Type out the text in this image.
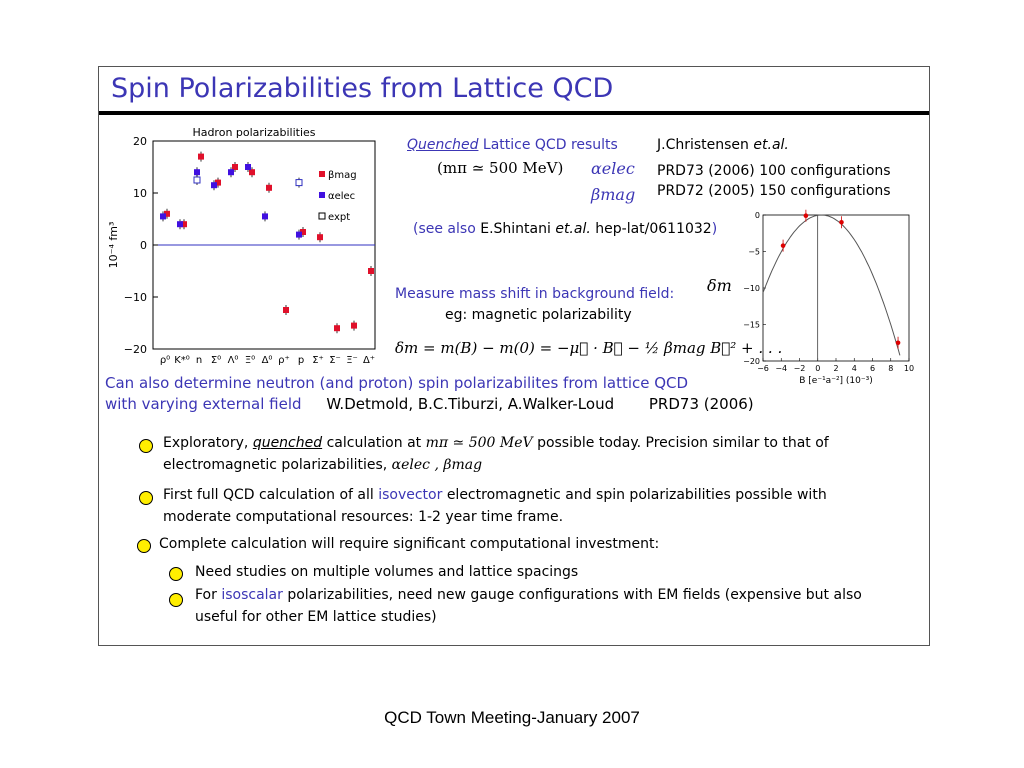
Spin Polarizabilities from Lattice QCD
20
10
0
−10
−20
Hadron polarizabilities
10⁻⁴ fm³
ρ⁰ K*⁰ n Σ⁰ Λ⁰ Ξ⁰ Δ⁰ ρ⁺ p Σ⁺ Σ⁻ Ξ⁻ Δ⁺
βmag
αelec
expt
Quenched Lattice QCD results	J.Christensen et.al.
(mπ ≃ 500 MeV) αelec
βmag
PRD73 (2006) 100 configurations
PRD72 (2005) 150 configurations
(see also E.Shintani et.al. hep-lat/0611032)
Measure mass shift in background field:
eg: magnetic polarizability
δm = m(B) − m(0) = −μ⃗ · B⃗ − ½ βmag B⃗² + . . .
δm
−6 −4 −2 0 2 4 6 8 10
0
−5
−10
−15
−20
B [e⁻¹a⁻²] (10⁻³)
Can also determine neutron (and proton) spin polarizabilites from lattice QCD
with varying external field W.Detmold, B.C.Tiburzi, A.Walker-Loud PRD73 (2006)
Exploratory, quenched calculation at mπ ≃ 500 MeV possible today. Precision similar to that of
electromagnetic polarizabilities, αelec , βmag
First full QCD calculation of all isovector electromagnetic and spin polarizabilities possible with
moderate computational resources: 1-2 year time frame.
Complete calculation will require significant computational investment:
Need studies on multiple volumes and lattice spacings
For isoscalar polarizabilities, need new gauge configurations with EM fields (expensive but also
useful for other EM lattice studies)
QCD Town Meeting-January 2007
